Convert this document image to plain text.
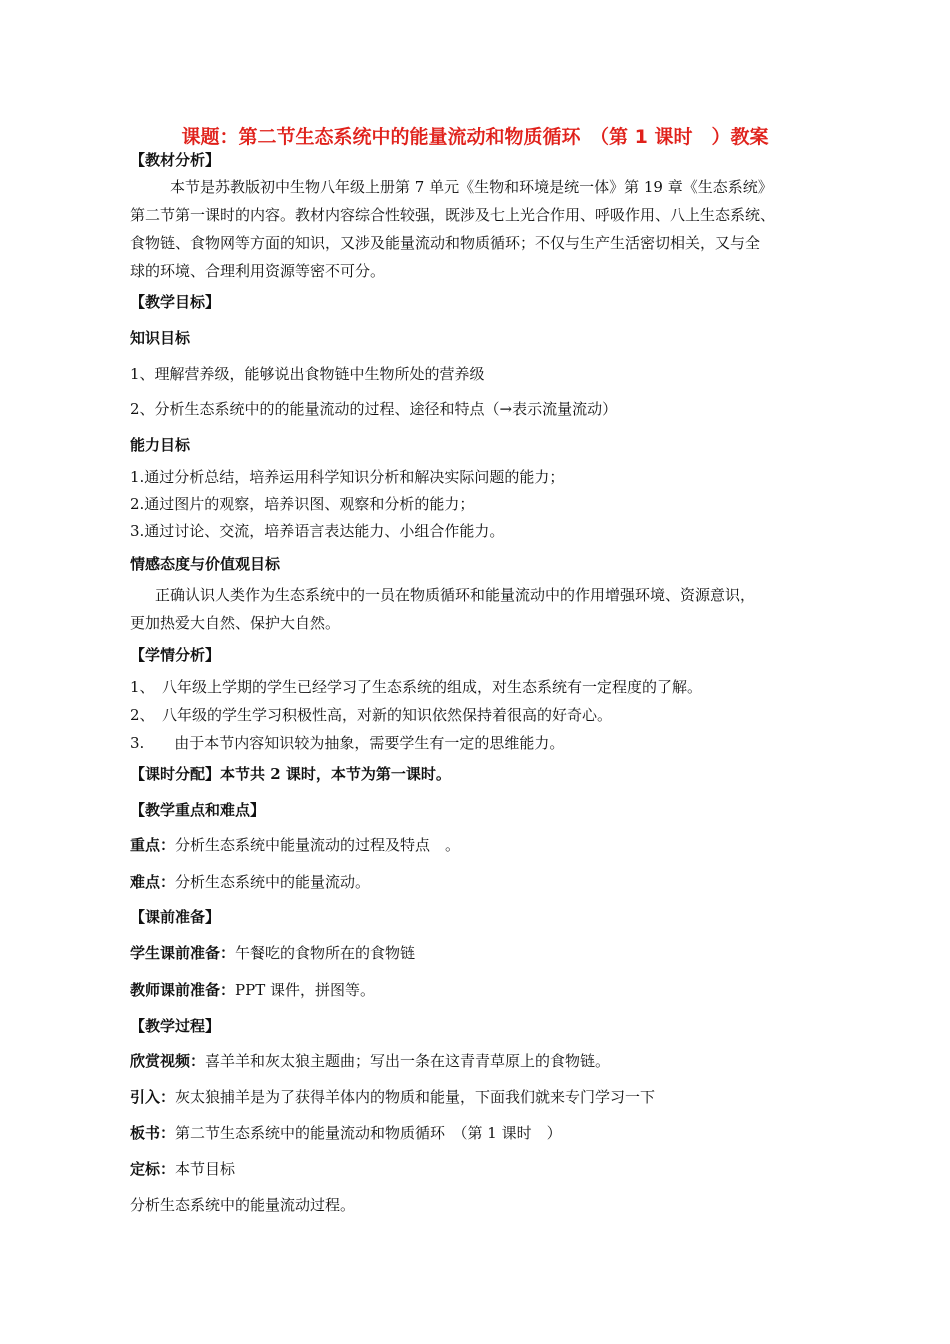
课题：第二节生态系统中的能量流动和物质循环　（第 1 课时　）教案
【教材分析】
本节是苏教版初中生物八年级上册第 7 单元《生物和环境是统一体》第 19 章《生态系统》
第二节第一课时的内容。教材内容综合性较强，既涉及七上光合作用、呼吸作用、八上生态系统、
食物链、食物网等方面的知识，又涉及能量流动和物质循环；不仅与生产生活密切相关，又与全
球的环境、合理利用资源等密不可分。
【教学目标】
知识目标
1、理解营养级，能够说出食物链中生物所处的营养级
2、分析生态系统中的的能量流动的过程、途径和特点（→表示流量流动）
能力目标
1.通过分析总结，培养运用科学知识分析和解决实际问题的能力；
2.通过图片的观察，培养识图、观察和分析的能力；
3.通过讨论、交流，培养语言表达能力、小组合作能力。
情感态度与价值观目标
正确认识人类作为生态系统中的一员在物质循环和能量流动中的作用增强环境、资源意识，
更加热爱大自然、保护大自然。
【学情分析】
1、　八年级上学期的学生已经学习了生态系统的组成，对生态系统有一定程度的了解。
2、　八年级的学生学习积极性高，对新的知识依然保持着很高的好奇心。
3.　　由于本节内容知识较为抽象，需要学生有一定的思维能力。
【课时分配】本节共 2 课时，本节为第一课时。
【教学重点和难点】
重点：分析生态系统中能量流动的过程及特点　。
难点：分析生态系统中的能量流动。
【课前准备】
学生课前准备：午餐吃的食物所在的食物链
教师课前准备：PPT 课件，拼图等。
【教学过程】
欣赏视频：喜羊羊和灰太狼主题曲；写出一条在这青青草原上的食物链。
引入：灰太狼捕羊是为了获得羊体内的物质和能量，下面我们就来专门学习一下
板书：第二节生态系统中的能量流动和物质循环　（第 1 课时　）
定标：本节目标
分析生态系统中的能量流动过程。
